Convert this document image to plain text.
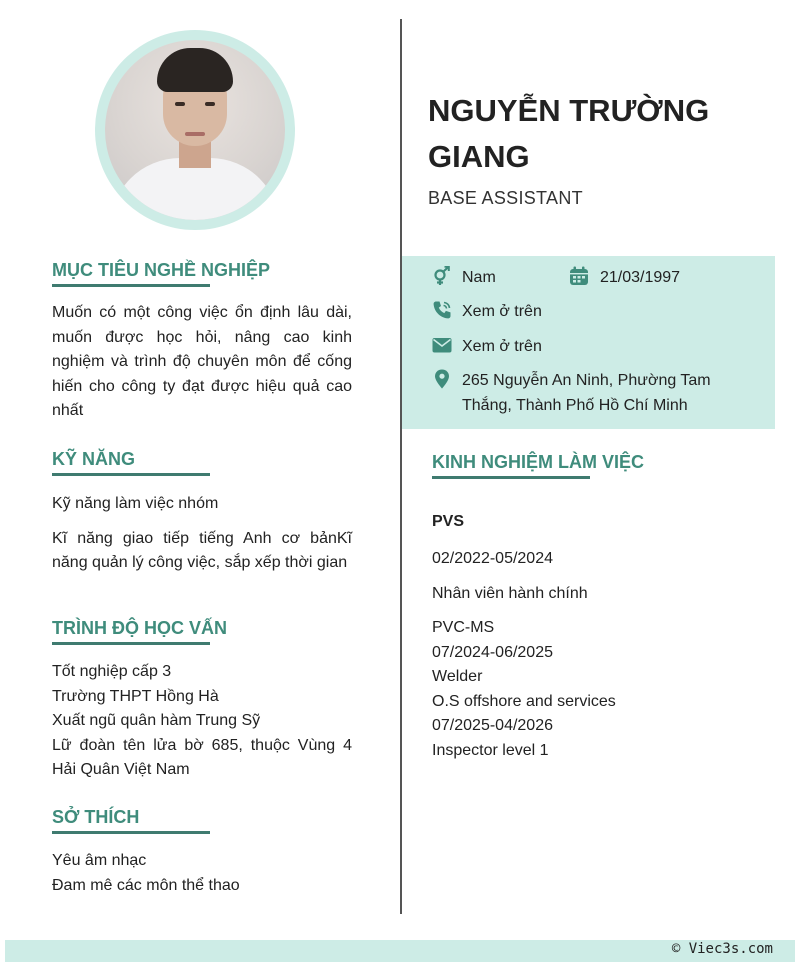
MỤC TIÊU NGHỀ NGHIỆP

Muốn có một công việc ổn định lâu dài, muốn được học hỏi, nâng cao kinh nghiệm và trình độ chuyên môn để cống hiến cho công ty đạt được hiệu quả cao nhất

KỸ NĂNG

Kỹ năng làm việc nhóm

Kĩ năng giao tiếp tiếng Anh cơ bảnKĩ năng quản lý công việc, sắp xếp thời gian

TRÌNH ĐỘ HỌC VẤN

Tốt nghiệp cấp 3

Trường THPT Hồng Hà

Xuất ngũ quân hàm Trung Sỹ

Lữ đoàn tên lửa bờ 685, thuộc Vùng 4 Hải Quân Việt Nam

SỞ THÍCH

Yêu âm nhạc

Đam mê các môn thể thao

NGUYỄN TRƯỜNG
GIANG
BASE ASSISTANT
Nam	21/03/1997
Xem ở trên
Xem ở trên
265 Nguyễn An Ninh, Phường Tam
Thắng, Thành Phố Hồ Chí Minh
KINH NGHIỆM LÀM VIỆC
PVS
02/2022-05/2024
Nhân viên hành chính
PVC-MS
07/2024-06/2025
Welder
O.S offshore and services
07/2025-04/2026
Inspector level 1
© Viec3s.com
